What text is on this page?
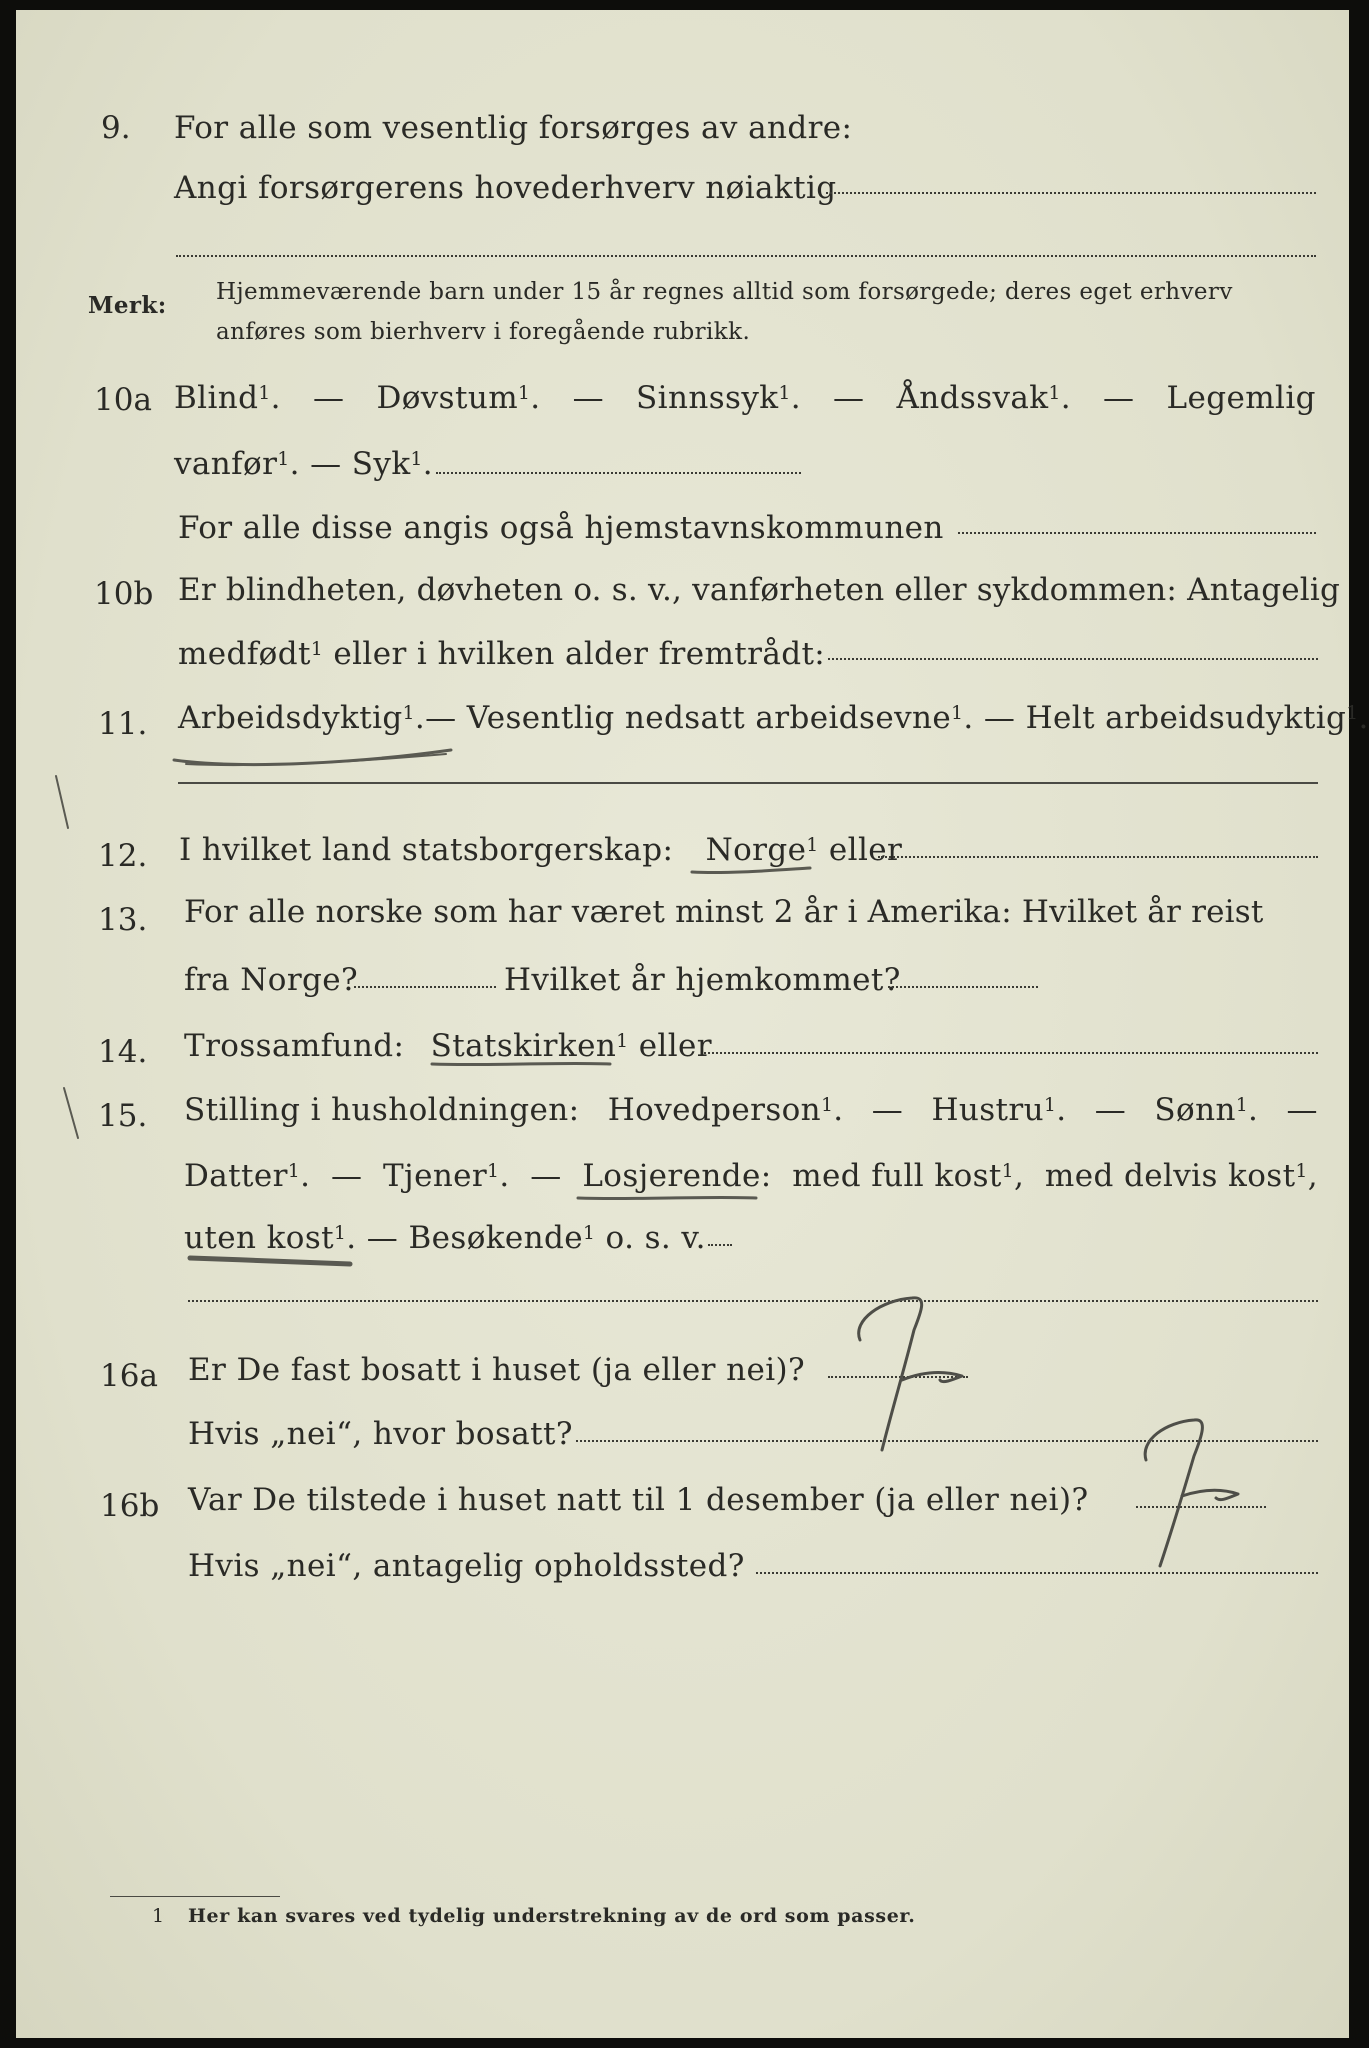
9. For alle som vesentlig forsørges av andre:
Angi forsørgerens hovederhverv nøiaktig
Merk: Hjemmeværende barn under 15 år regnes alltid som forsørgede; deres eget erhverv
anføres som bierhverv i foregående rubrikk.
10a Blind$^1$. — Døvstum$^1$. — Sinnssyk$^1$. — Åndssvak$^1$. — Legemlig
vanfør$^1$. — Syk$^1$.
For alle disse angis også hjemstavnskommunen
10b Er blindheten, døvheten o. s. v., vanførheten eller sykdommen: Antagelig
medfødt$^1$ eller i hvilken alder fremtrådt:
11. Arbeidsdyktig$^1$.— Vesentlig nedsatt arbeidsevne$^1$. — Helt arbeidsudyktig$^1$.
12. I hvilket land statsborgerskap: Norge$^1$ eller
13. For alle norske som har været minst 2 år i Amerika: Hvilket år reist
fra Norge?	Hvilket år hjemkommet?
14. Trossamfund: Statskirken$^1$ eller
15. Stilling i husholdningen: Hovedperson$^1$. — Hustru$^1$. — Sønn$^1$. —
Datter$^1$. — Tjener$^1$. — Losjerende: med full kost$^1$, med delvis kost$^1$,
uten kost$^1$. — Besøkende$^1$ o. s. v.
16a Er De fast bosatt i huset (ja eller nei)?
Hvis „nei“, hvor bosatt?
16b Var De tilstede i huset natt til 1 desember (ja eller nei)?
Hvis „nei“, antagelig opholdssted?
1 Her kan svares ved tydelig understrekning av de ord som passer.
